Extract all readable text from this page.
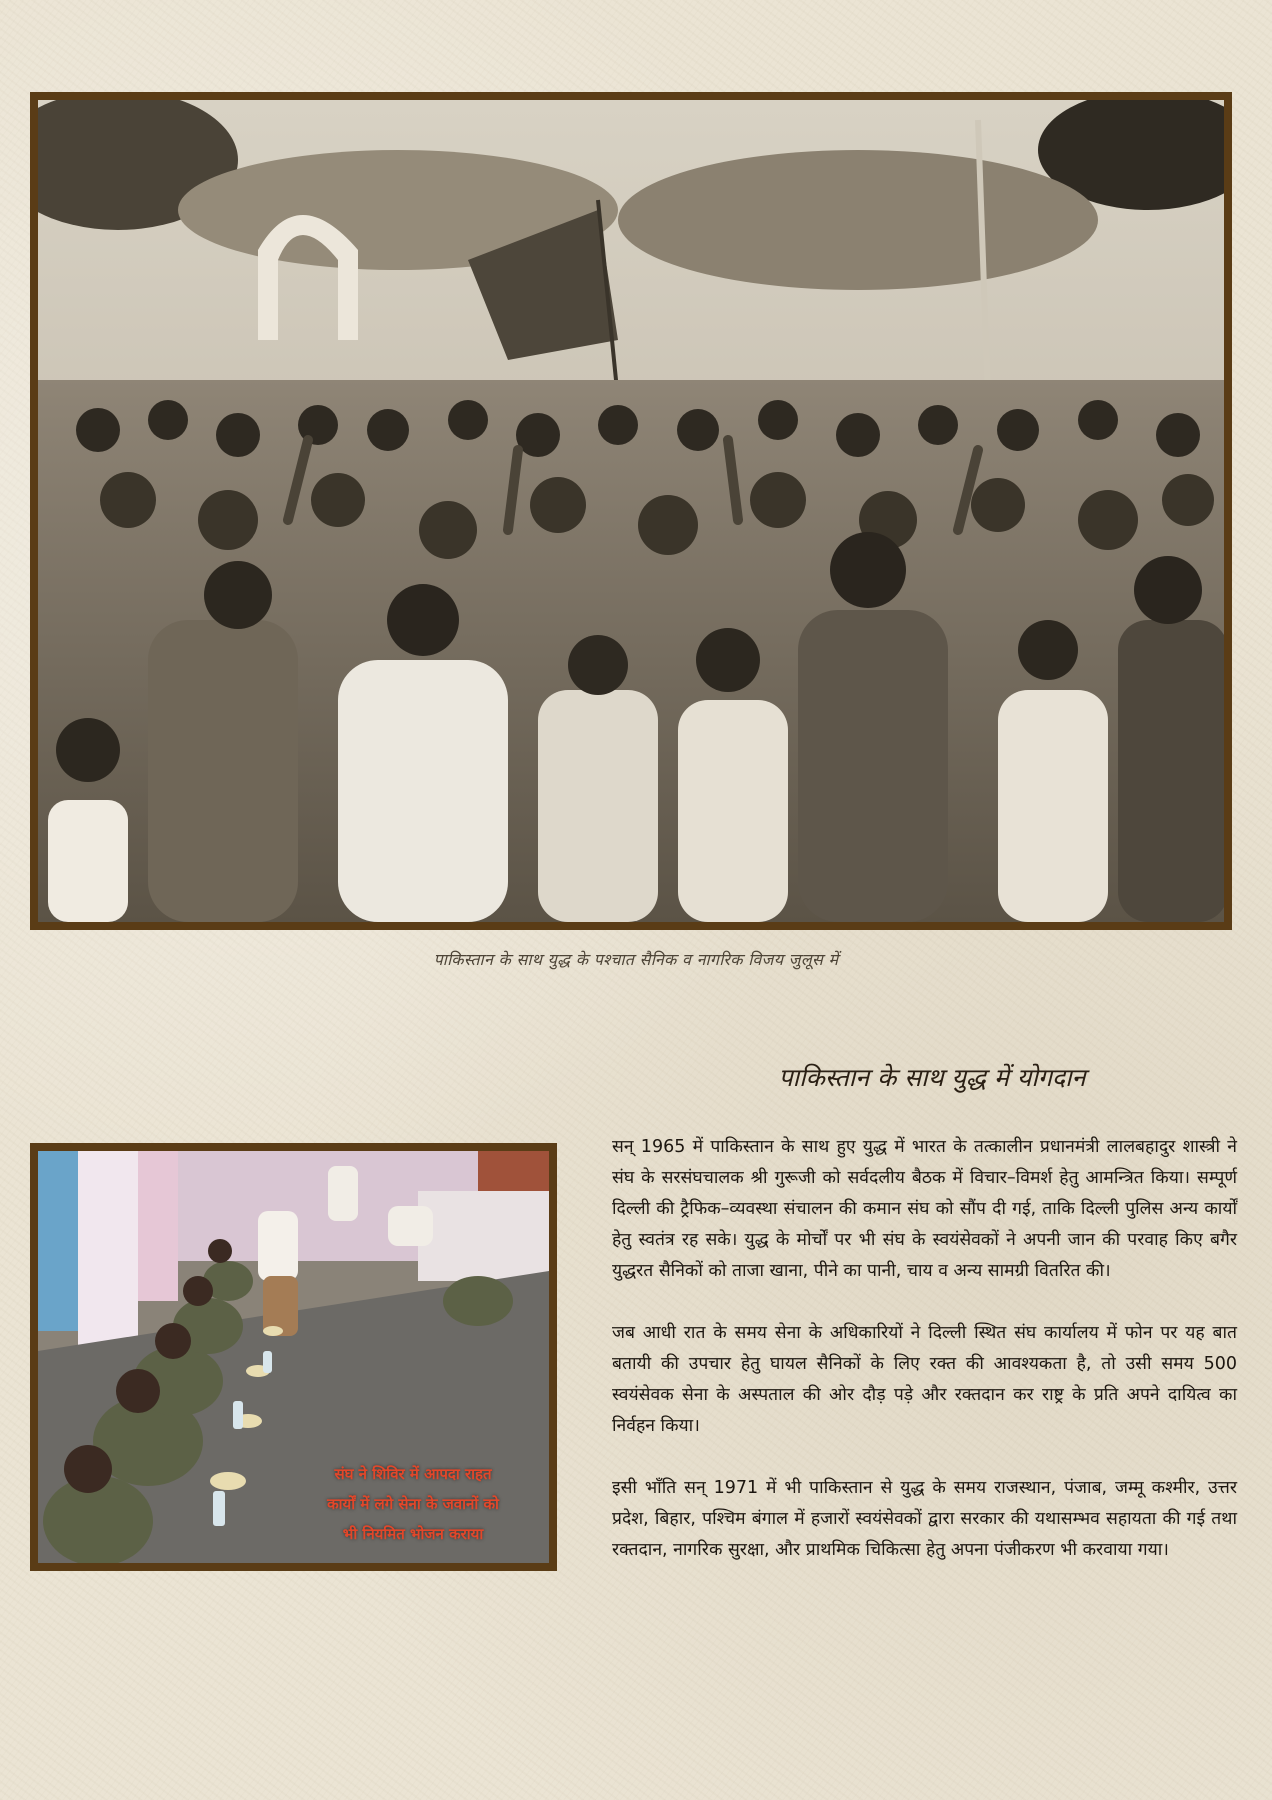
पाकिस्तान के साथ युद्ध के पश्चात सैनिक व नागरिक विजय जुलूस में
पाकिस्तान के साथ युद्ध में योगदान
संघ ने शिविर में आपदा राहत
कार्यों में लगे सेना के जवानों को
भी नियमित भोजन कराया

सन् 1965 में पाकिस्तान के साथ हुए युद्ध में भारत के तत्कालीन प्रधानमंत्री लालबहादुर शास्त्री ने संघ के सरसंघचालक श्री गुरूजी को सर्वदलीय बैठक में विचार–विमर्श हेतु आमन्त्रित किया। सम्पूर्ण दिल्ली की ट्रैफिक–व्यवस्था संचालन की कमान संघ को सौंप दी गई, ताकि दिल्ली पुलिस अन्य कार्यों हेतु स्वतंत्र रह सके। युद्ध के मोर्चों पर भी संघ के स्वयंसेवकों ने अपनी जान की परवाह किए बगैर युद्धरत सैनिकों को ताजा खाना, पीने का पानी, चाय व अन्य सामग्री वितरित की।

जब आधी रात के समय सेना के अधिकारियों ने दिल्ली स्थित संघ कार्यालय में फोन पर यह बात बतायी की उपचार हेतु घायल सैनिकों के लिए रक्त की आवश्यकता है, तो उसी समय 500 स्वयंसेवक सेना के अस्पताल की ओर दौड़ पड़े और रक्तदान कर राष्ट्र के प्रति अपने दायित्व का निर्वहन किया।

इसी भाँति सन् 1971 में भी पाकिस्तान से युद्ध के समय राजस्थान, पंजाब, जम्मू कश्मीर, उत्तर प्रदेश, बिहार, पश्चिम बंगाल में हजारों स्वयंसेवकों द्वारा सरकार की यथासम्भव सहायता की गई तथा रक्तदान, नागरिक सुरक्षा, और प्राथमिक चिकित्सा हेतु अपना पंजीकरण भी करवाया गया।
